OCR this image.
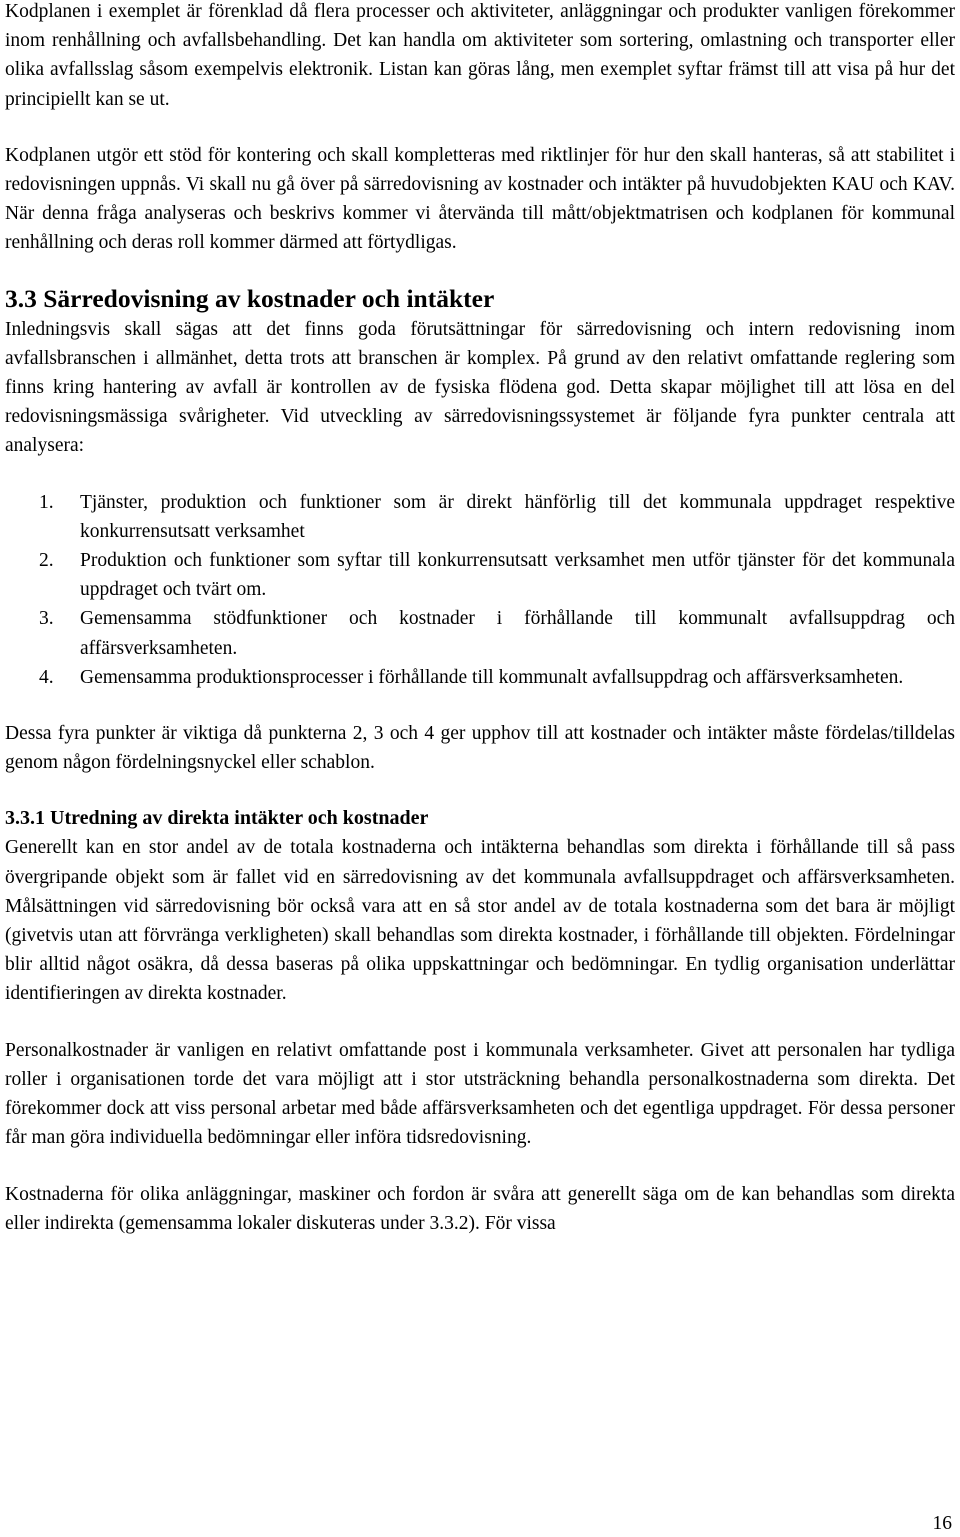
Kodplanen i exemplet är förenklad då flera processer och aktiviteter, anläggningar och produkter vanligen förekommer inom renhållning och avfallsbehandling. Det kan handla om aktiviteter som sortering, omlastning och transporter eller olika avfallsslag såsom exempelvis elektronik. Listan kan göras lång, men exemplet syftar främst till att visa på hur det principiellt kan se ut.

Kodplanen utgör ett stöd för kontering och skall kompletteras med riktlinjer för hur den skall hanteras, så att stabilitet i redovisningen uppnås. Vi skall nu gå över på särredovisning av kostnader och intäkter på huvudobjekten KAU och KAV. När denna fråga analyseras och beskrivs kommer vi återvända till mått/objektmatrisen och kodplanen för kommunal renhållning och deras roll kommer därmed att förtydligas.

3.3 Särredovisning av kostnader och intäkter

Inledningsvis skall sägas att det finns goda förutsättningar för särredovisning och intern redovisning inom avfallsbranschen i allmänhet, detta trots att branschen är komplex. På grund av den relativt omfattande reglering som finns kring hantering av avfall är kontrollen av de fysiska flödena god. Detta skapar möjlighet till att lösa en del redovisningsmässiga svårigheter. Vid utveckling av särredovisningssystemet är följande fyra punkter centrala att analysera:

1. Tjänster, produktion och funktioner som är direkt hänförlig till det kommunala uppdraget respektive konkurrensutsatt verksamhet
2. Produktion och funktioner som syftar till konkurrensutsatt verksamhet men utför tjänster för det kommunala uppdraget och tvärt om.
3. Gemensamma stödfunktioner och kostnader i förhållande till kommunalt avfallsuppdrag och affärsverksamheten.
4. Gemensamma produktionsprocesser i förhållande till kommunalt avfallsuppdrag och affärsverksamheten.

Dessa fyra punkter är viktiga då punkterna 2, 3 och 4 ger upphov till att kostnader och intäkter måste fördelas/tilldelas genom någon fördelningsnyckel eller schablon.

3.3.1 Utredning av direkta intäkter och kostnader

Generellt kan en stor andel av de totala kostnaderna och intäkterna behandlas som direkta i förhållande till så pass övergripande objekt som är fallet vid en särredovisning av det kommunala avfallsuppdraget och affärsverksamheten. Målsättningen vid särredovisning bör också vara att en så stor andel av de totala kostnaderna som det bara är möjligt (givetvis utan att förvränga verkligheten) skall behandlas som direkta kostnader, i förhållande till objekten. Fördelningar blir alltid något osäkra, då dessa baseras på olika uppskattningar och bedömningar. En tydlig organisation underlättar identifieringen av direkta kostnader.

Personalkostnader är vanligen en relativt omfattande post i kommunala verksamheter. Givet att personalen har tydliga roller i organisationen torde det vara möjligt att i stor utsträckning behandla personalkostnaderna som direkta. Det förekommer dock att viss personal arbetar med både affärsverksamheten och det egentliga uppdraget. För dessa personer får man göra individuella bedömningar eller införa tidsredovisning.

Kostnaderna för olika anläggningar, maskiner och fordon är svåra att generellt säga om de kan behandlas som direkta eller indirekta (gemensamma lokaler diskuteras under 3.3.2). För vissa

16
